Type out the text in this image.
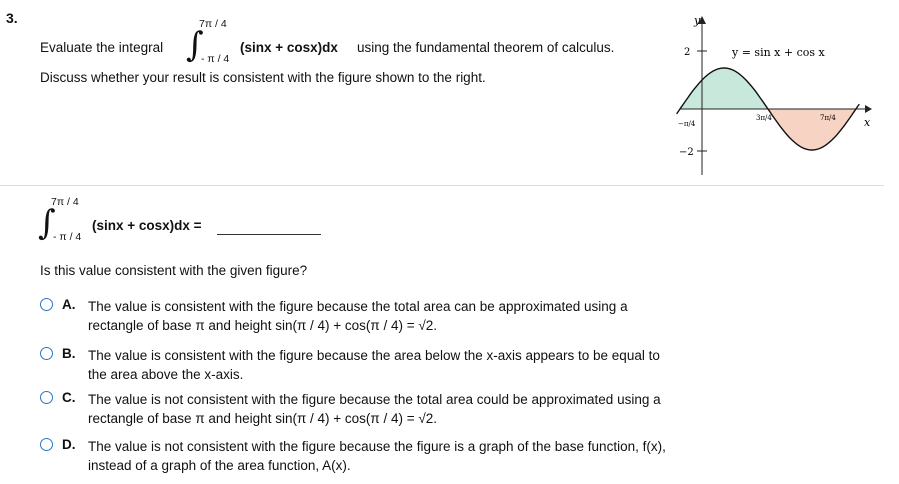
3.
Evaluate the integral ∫
7π / 4
- π / 4
(sinx + cosx)dx using the fundamental theorem of calculus.
Discuss whether your result is consistent with the figure shown to the right.
y
x
y = sin x + cos x
2
−2
−π/4
3π/4	7π/4
∫
7π / 4
- π / 4
(sinx + cosx)dx =
Is this value consistent with the given figure?
A. The value is consistent with the figure because the total area can be approximated using a
rectangle of base π and height sin(π / 4) + cos(π / 4) = √2.
B. The value is consistent with the figure because the area below the x-axis appears to be equal to
the area above the x-axis.
C. The value is not consistent with the figure because the total area could be approximated using a
rectangle of base π and height sin(π / 4) + cos(π / 4) = √2.
D. The value is not consistent with the figure because the figure is a graph of the base function, f(x),
instead of a graph of the area function, A(x).
